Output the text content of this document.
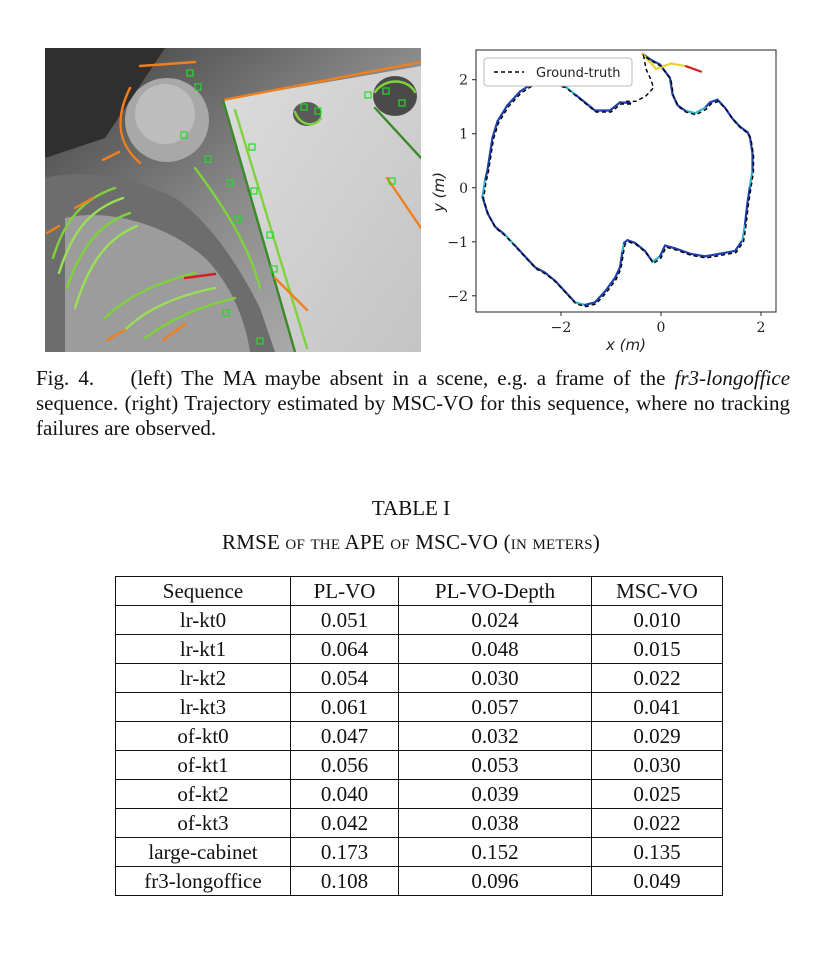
−2	0	2
−2
−1
0
1
2	Ground-truth
x (m)
y (m)
Fig. 4. (left) The MA maybe absent in a scene, e.g. a frame of the fr3-longoffice sequence. (right) Trajectory estimated by MSC-VO for this sequence, where no tracking failures are observed.
TABLE I
RMSE of the APE of MSC-VO (in meters)
Sequence	PL-VO	PL-VO-Depth	MSC-VO
lr-kt0	0.051	0.024	0.010
lr-kt1	0.064	0.048	0.015
lr-kt2	0.054	0.030	0.022
lr-kt3	0.061	0.057	0.041
of-kt0	0.047	0.032	0.029
of-kt1	0.056	0.053	0.030
of-kt2	0.040	0.039	0.025
of-kt3	0.042	0.038	0.022
large-cabinet	0.173	0.152	0.135
fr3-longoffice	0.108	0.096	0.049
